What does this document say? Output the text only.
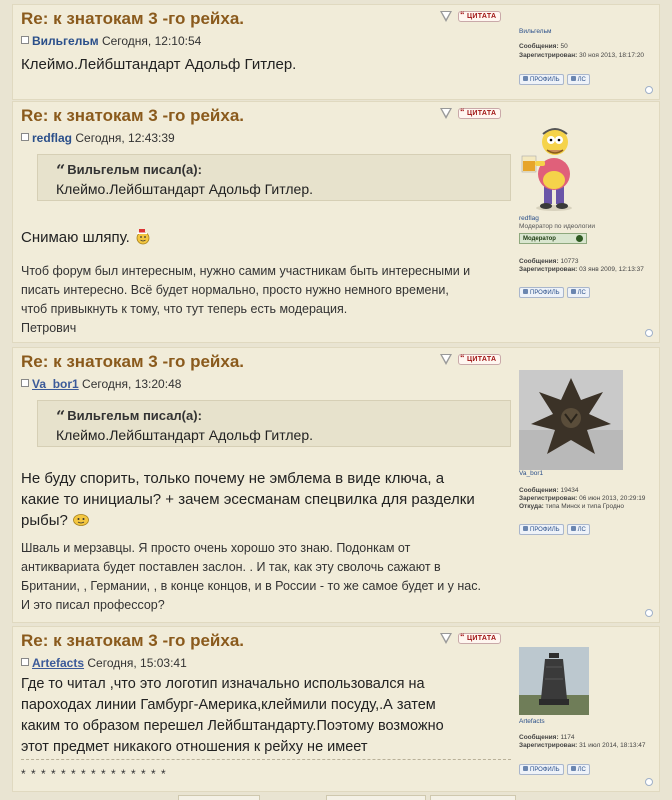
Re: к знатокам 3 -го рейха.
Вильгельм Сегодня, 12:10:54
Клеймо.Лейбштандарт Адольф Гитлер.
“ ЦИТАТА
Вильгельм
Сообщения: 50
Зарегистрирован: 30 ноя 2013, 18:17:20
ПРОФИЛЬ	ЛС
Re: к знатокам 3 -го рейха.
redflag Сегодня, 12:43:39
“ Вильгельм писал(а):
Клеймо.Лейбштандарт Адольф Гитлер.
Снимаю шляпу.
Чтоб форум был интересным, нужно самим участникам быть интересными и
писать интересно. Всё будет нормально, просто нужно немного времени,
чтоб привыкнуть к тому, что тут теперь есть модерация.
Петрович
“ ЦИТАТА
redflag
Модератор по идеологии
Модератор
Сообщения: 10773
Зарегистрирован: 03 янв 2009, 12:13:37
ПРОФИЛЬ	ЛС
Re: к знатокам 3 -го рейха.
Va_bor1 Сегодня, 13:20:48
“ Вильгельм писал(а):
Клеймо.Лейбштандарт Адольф Гитлер.
Не буду спорить, только почему не эмблема в виде ключа, а
какие то инициалы? + зачем эсесманам спецвилка для разделки
рыбы?
Шваль и мерзавцы. Я просто очень хорошо это знаю. Подонкам от
антиквариата будет поставлен заслон. . И так, как эту сволочь сажают в
Британии, , Германии, , в конце концов, и в России - то же самое будет и у нас.
И это писал профессор?
“ ЦИТАТА
Va_bor1
Сообщения: 19434
Зарегистрирован: 06 июн 2013, 20:29:19
Откуда: типа Минск и типа Гродно
ПРОФИЛЬ	ЛС
Re: к знатокам 3 -го рейха.
Artefacts Сегодня, 15:03:41
Где то читал ,что это логотип изначально использовался на
пароходах линии Гамбург-Америка,клеймили посуду,.А затем
каким то образом перешел Лейбштандарту.Поэтому возможно
этот предмет никакого отношения к рейху не имеет
* * * * * * * * * * * * * * *
“ ЦИТАТА
Artefacts
Сообщения: 1174
Зарегистрирован: 31 июл 2014, 18:13:47
ПРОФИЛЬ	ЛС
